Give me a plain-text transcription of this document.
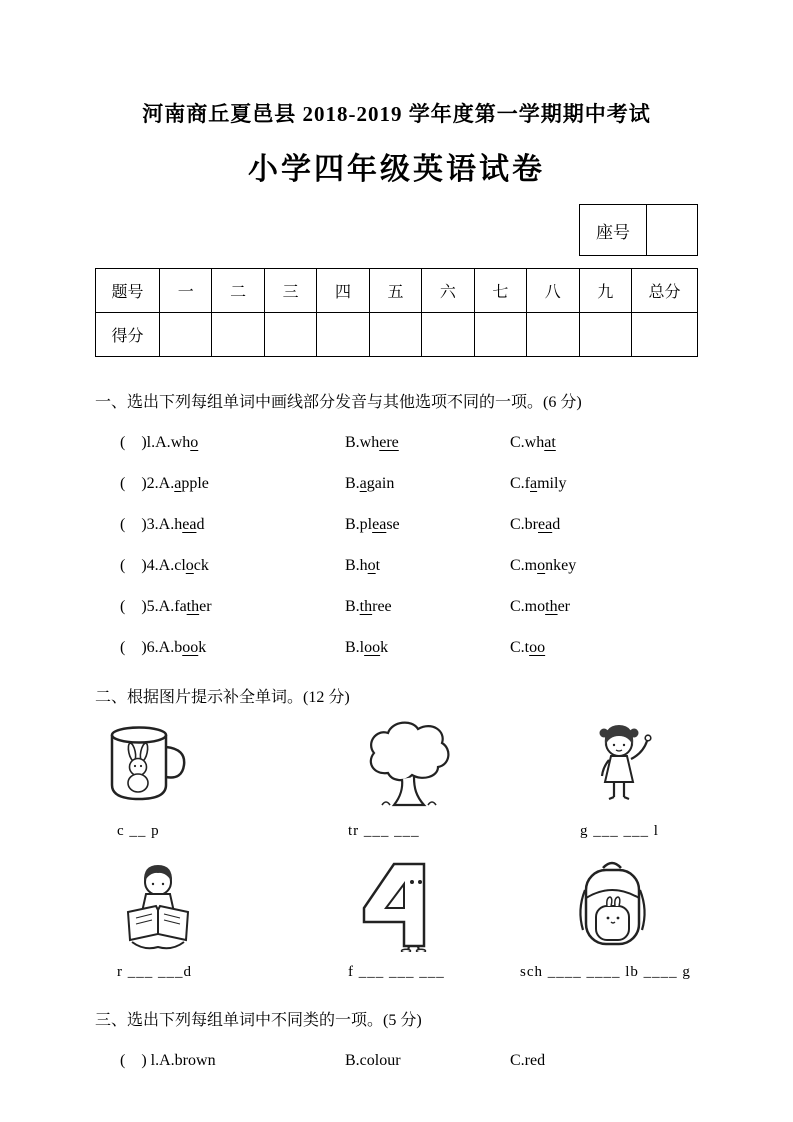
河南商丘夏邑县 2018-2019 学年度第一学期期中考试
小学四年级英语试卷
座号
题号	一	二	三	四	五	六	七	八	九	总分
得分										
一、选出下列每组单词中画线部分发音与其他选项不同的一项。(6 分)
(　)l.A.who	B.where	C.what
(　)2.A.apple	B.again	C.family
(　)3.A.head	B.please	C.bread
(　)4.A.clock	B.hot	C.monkey
(　)5.A.father	B.three	C.mother
(　)6.A.book	B.look	C.too
二、根据图片提示补全单词。(12 分)
c __ p	tr ___ ___	g ___ ___ l
r ___ ___d	f ___ ___ ___	sch ____ ____ lb ____ g
三、选出下列每组单词中不同类的一项。(5 分)
(　) l.A.brown	B.colour	C.red
